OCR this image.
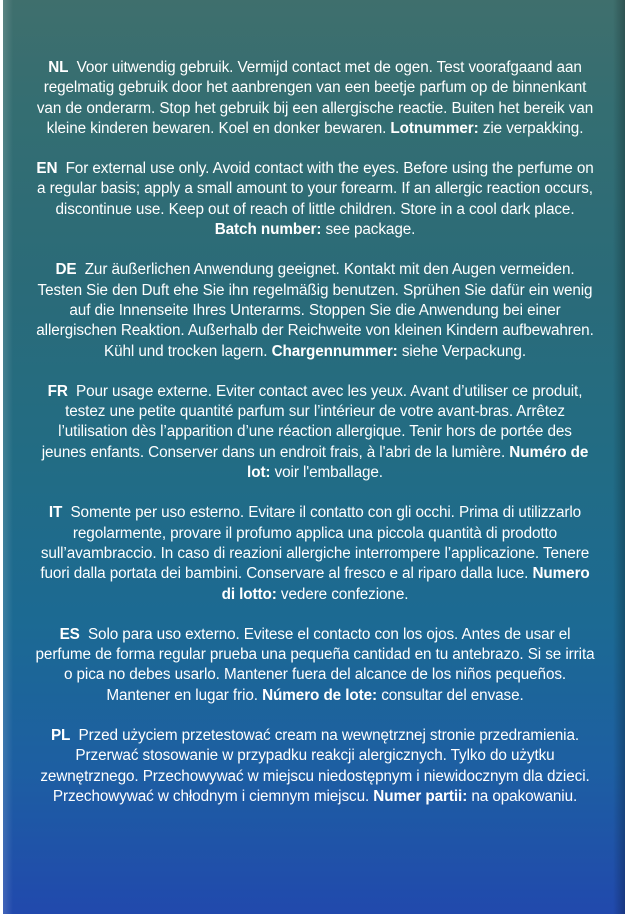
NL Voor uitwendig gebruik. Vermijd contact met de ogen. Test voorafgaand aan regelmatig gebruik door het aanbrengen van een beetje parfum op de binnenkant van de onderarm. Stop het gebruik bij een allergische reactie. Buiten het bereik van kleine kinderen bewaren. Koel en donker bewaren. Lotnummer: zie verpakking.

EN For external use only. Avoid contact with the eyes. Before using the perfume on a regular basis; apply a small amount to your forearm. If an allergic reaction occurs, discontinue use. Keep out of reach of little children. Store in a cool dark place. Batch number: see package.

DE Zur äußerlichen Anwendung geeignet. Kontakt mit den Augen vermeiden. Testen Sie den Duft ehe Sie ihn regelmäßig benutzen. Sprühen Sie dafür ein wenig auf die Innenseite Ihres Unterarms. Stoppen Sie die Anwendung bei einer allergischen Reaktion. Außerhalb der Reichweite von kleinen Kindern aufbewahren. Kühl und trocken lagern. Chargennummer: siehe Verpackung.

FR Pour usage externe. Eviter contact avec les yeux. Avant d’utiliser ce produit, testez une petite quantité parfum sur l’intérieur de votre avant-bras. Arrêtez l’utilisation dès l’apparition d’une réaction allergique. Tenir hors de portée des jeunes enfants. Conserver dans un endroit frais, à l'abri de la lumière. Numéro de lot: voir l'emballage.

IT Somente per uso esterno. Evitare il contatto con gli occhi. Prima di utilizzarlo regolarmente, provare il profumo applica una piccola quantità di prodotto sull’avambraccio. In caso di reazioni allergiche interrompere l’applicazione. Tenere fuori dalla portata dei bambini. Conservare al fresco e al riparo dalla luce. Numero di lotto: vedere confezione.

ES Solo para uso externo. Evitese el contacto con los ojos. Antes de usar el perfume de forma regular prueba una pequeña cantidad en tu antebrazo. Si se irrita o pica no debes usarlo. Mantener fuera del alcance de los niños pequeños. Mantener en lugar frio. Número de lote: consultar del envase.

PL Przed użyciem przetestować cream na wewnętrznej stronie przedramienia. Przerwać stosowanie w przypadku reakcji alergicznych. Tylko do użytku zewnętrznego. Przechowywać w miejscu niedostępnym i niewidocznym dla dzieci. Przechowywać w chłodnym i ciemnym miejscu. Numer partii: na opakowaniu.
